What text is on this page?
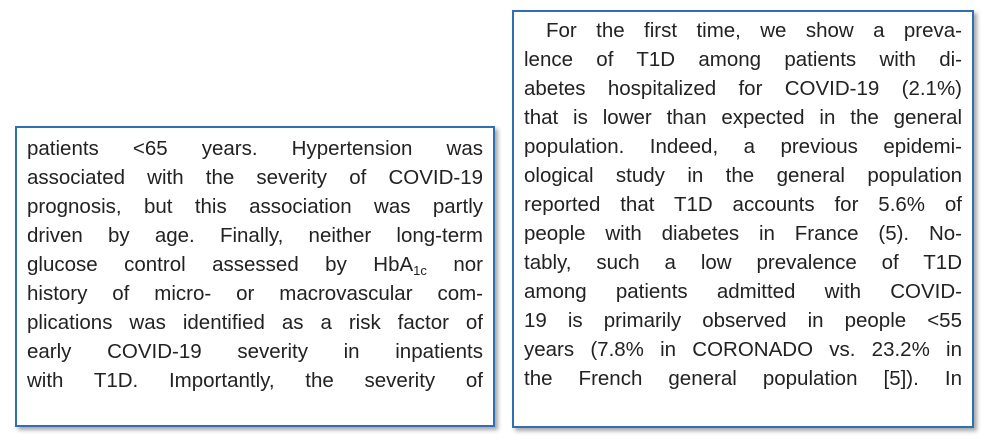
patients <65 years. Hypertension was
associated with the severity of COVID-19
prognosis, but this association was partly
driven by age. Finally, neither long-term
glucose control assessed by HbA$_{1c}$ nor
history of micro- or macrovascular com-
plications was identified as a risk factor of
early COVID-19 severity in inpatients
with T1D. Importantly, the severity of
For the first time, we show a preva-
lence of T1D among patients with di-
abetes hospitalized for COVID-19 (2.1%)
that is lower than expected in the general
population. Indeed, a previous epidemi-
ological study in the general population
reported that T1D accounts for 5.6% of
people with diabetes in France (5). No-
tably, such a low prevalence of T1D
among patients admitted with COVID-
19 is primarily observed in people <55
years (7.8% in CORONADO vs. 23.2% in
the French general population [5]). In
